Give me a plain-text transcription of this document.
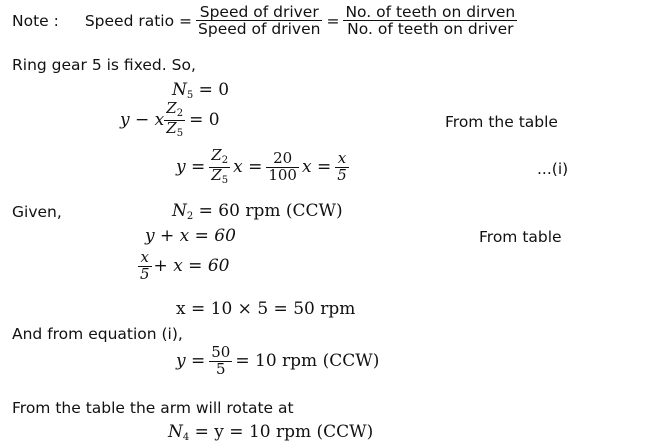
Note : Speed ratio = $\frac{\text{Speed of driver}}{\text{Speed of driven}} = \frac{\text{No. of teeth on dirven}}{\text{No. of teeth on driver}}$
Ring gear 5 is fixed. So,
$N_5 = 0$
y − x $\frac{Z_2}{Z_5} = 0$	From the table
$y = \frac{Z_2}{Z_5}$ $x = \frac{20}{100}$ $x = \frac{x}{5}$	...(i)
Given,	$N_2 = 60$ rpm (CCW)
y + x = 60	From table
$\frac{x}{5} + x = 60$
x = 10 × 5 = 50 rpm
And from equation (i),
$y = \frac{50}{5} = 10$ rpm (CCW)
From the table the arm will rotate at
$N_4 = y = 10$ rpm (CCW)
